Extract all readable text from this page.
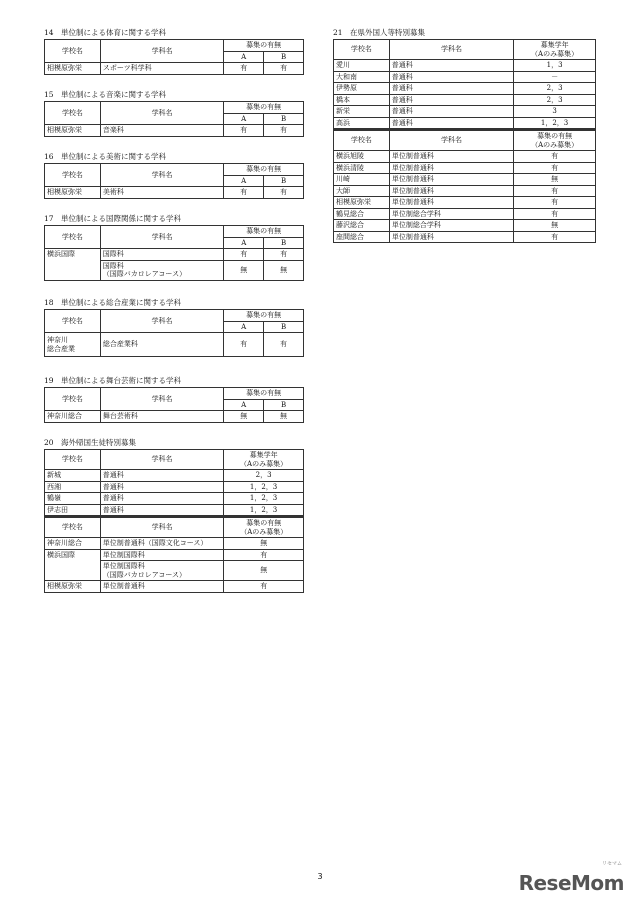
14　単位制による体育に関する学科
学校名	学科名	募集の有無	
		A	B
相模原弥栄	スポーツ科学科	有	有
15　単位制による音楽に関する学科
学校名	学科名	募集の有無	
		A	B
相模原弥栄	音楽科	有	有
16　単位制による美術に関する学科
学校名	学科名	募集の有無	
		A	B
相模原弥栄	美術科	有	有
17　単位制による国際関係に関する学科
学校名	学科名	募集の有無	
		A	B
横浜国際	国際科	有	有

	国際科
（国際バカロレアコース）	無	無
18　単位制による総合産業に関する学科
学校名	学科名	募集の有無	
		A	B

神奈川
総合産業	総合産業科	有	有
19　単位制による舞台芸術に関する学科
学校名	学科名	募集の有無	
		A	B
神奈川総合	舞台芸術科	無	無
20　海外帰国生徒特別募集
学校名	学科名	募集学年
（Aのみ募集）

新城	普通科	2，3
西湘	普通科	1，2，3
鶴嶺	普通科	1，2，3
伊志田	普通科	1，2，3
学校名	学科名	募集の有無
（Aのみ募集）

神奈川総合	単位制普通科（国際文化コース）	無
横浜国際	単位制国際科	有

	単位制国際科
（国際バカロレアコース）	無
相模原弥栄	単位制普通科	有
21　在県外国人等特別募集
学校名	学科名	募集学年
（Aのみ募集）

愛川	普通科	1，3
大和南	普通科	－
伊勢原	普通科	2，3
橋本	普通科	2，3
新栄	普通科	3
高浜	普通科	1，2，3
学校名	学科名	募集の有無
（Aのみ募集）

横浜旭陵	単位制普通科	有
横浜清陵	単位制普通科	有
川崎	単位制普通科	無
大師	単位制普通科	有
相模原弥栄	単位制普通科	有
鶴見総合	単位制総合学科	有
藤沢総合	単位制総合学科	無
座間総合	単位制普通科	有
3
リセマム
ReseMom
